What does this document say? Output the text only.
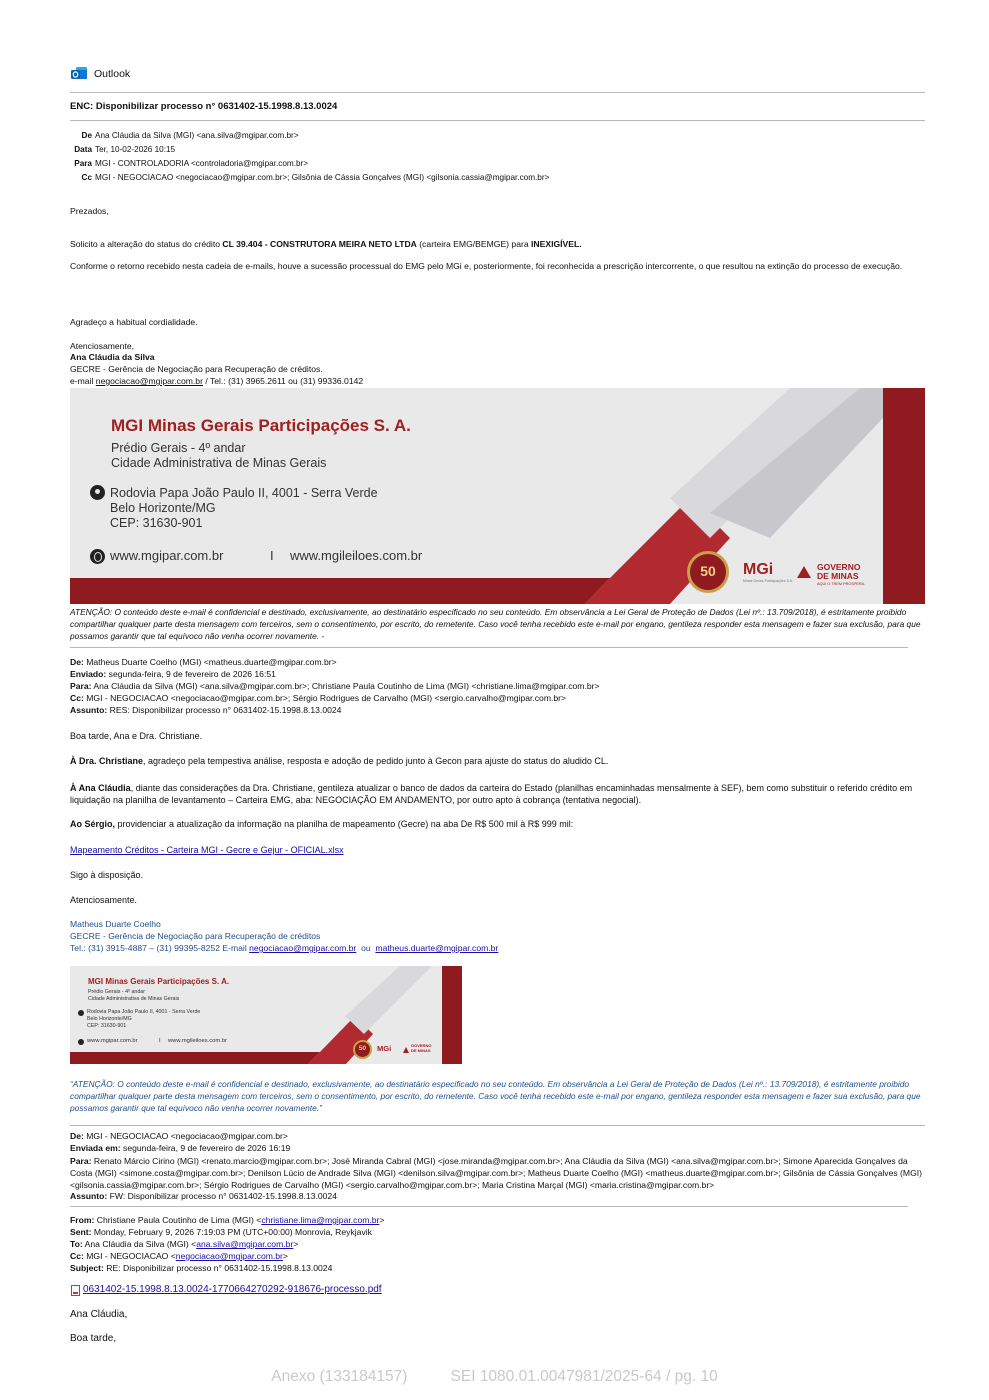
Outlook
ENC: Disponibilizar processo n° 0631402-15.1998.8.13.0024
De Ana Cláudia da Silva (MGI) <ana.silva@mgipar.com.br>
Data Ter, 10-02-2026 10:15
Para MGI - CONTROLADORIA <controladoria@mgipar.com.br>
Cc MGI - NEGOCIACAO <negociacao@mgipar.com.br>; Gilsônia de Cássia Gonçalves (MGI) <gilsonia.cassia@mgipar.com.br>
Prezados,
Solicito a alteração do status do crédito CL 39.404 - CONSTRUTORA MEIRA NETO LTDA (carteira EMG/BEMGE) para INEXIGÍVEL.
Conforme o retorno recebido nesta cadeia de e-mails, houve a sucessão processual do EMG pelo MGi e, posteriormente, foi reconhecida a prescrição intercorrente, o que resultou na extinção do processo de execução.
Agradeço a habitual cordialidade.
Atenciosamente,
Ana Cláudia da Silva
GECRE - Gerência de Negociação para Recuperação de créditos.
e-mail negociacao@mgipar.com.br / Tel.: (31) 3965.2611 ou (31) 99336.0142
MGI Minas Gerais Participações S. A.
Prédio Gerais - 4º andar
Cidade Administrativa de Minas Gerais
Rodovia Papa João Paulo II, 4001 - Serra Verde
Belo Horizonte/MG
CEP: 31630-901
www.mgipar.com.br	I www.mgileiloes.com.br
50	MGi
Minas Gerais Participações S.A.
GOVERNO
DE MINAS
AQUI O TREM PROSPERA.
ATENÇÃO: O conteúdo deste e-mail é confidencial e destinado, exclusivamente, ao destinatário especificado no seu conteúdo. Em observância a Lei Geral de Proteção de Dados (Lei nº.: 13.709/2018), é estritamente proibido compartilhar qualquer parte desta mensagem com terceiros, sem o consentimento, por escrito, do remetente. Caso você tenha recebido este e-mail por engano, gentileza responder esta mensagem e fazer sua exclusão, para que possamos garantir que tal equívoco não venha ocorrer novamente. -
De: Matheus Duarte Coelho (MGI) <matheus.duarte@mgipar.com.br>
Enviado: segunda-feira, 9 de fevereiro de 2026 16:51
Para: Ana Cláudia da Silva (MGI) <ana.silva@mgipar.com.br>; Christiane Paula Coutinho de Lima (MGI) <christiane.lima@mgipar.com.br>
Cc: MGI - NEGOCIACAO <negociacao@mgipar.com.br>; Sérgio Rodrigues de Carvalho (MGI) <sergio.carvalho@mgipar.com.br>
Assunto: RES: Disponibilizar processo n° 0631402-15.1998.8.13.0024
Boa tarde, Ana e Dra. Christiane.
À Dra. Christiane, agradeço pela tempestiva análise, resposta e adoção de pedido junto à Gecon para ajuste do status do aludido CL.
À Ana Cláudia, diante das considerações da Dra. Christiane, gentileza atualizar o banco de dados da carteira do Estado (planilhas encaminhadas mensalmente à SEF), bem como substituir o referido crédito em liquidação na planilha de levantamento – Carteira EMG, aba: NEGOCIAÇÃO EM ANDAMENTO, por outro apto à cobrança (tentativa negocial).
Ao Sérgio, providenciar a atualização da informação na planilha de mapeamento (Gecre) na aba De R$ 500 mil à R$ 999 mil:
Mapeamento Créditos - Carteira MGI - Gecre e Gejur - OFICIAL.xlsx
Sigo à disposição.
Atenciosamente.
Matheus Duarte Coelho
GECRE - Gerência de Negociação para Recuperação de créditos
Tel.: (31) 3915-4887 – (31) 99395-8252 E-mail negociacao@mgipar.com.br  ou  matheus.duarte@mgipar.com.br
MGI Minas Gerais Participações S. A.
Prédio Gerais - 4º andar
Cidade Administrativa de Minas Gerais
Rodovia Papa João Paulo II, 4001 - Serra Verde
Belo Horizonte/MG
CEP: 31630-901
www.mgipar.com.br	I www.mgileiloes.com.br
50	MGi	GOVERNO
DE MINAS
“ATENÇÃO: O conteúdo deste e-mail é confidencial e destinado, exclusivamente, ao destinatário especificado no seu conteúdo. Em observância a Lei Geral de Proteção de Dados (Lei nº.: 13.709/2018), é estritamente proibido compartilhar qualquer parte desta mensagem com terceiros, sem o consentimento, por escrito, do remetente. Caso você tenha recebido este e-mail por engano, gentileza responder esta mensagem e fazer sua exclusão, para que possamos garantir que tal equívoco não venha ocorrer novamente.”
De: MGI - NEGOCIACAO <negociacao@mgipar.com.br>
Enviada em: segunda-feira, 9 de fevereiro de 2026 16:19
Para: Renato Márcio Cirino (MGI) <renato.marcio@mgipar.com.br>; José Miranda Cabral (MGI) <jose.miranda@mgipar.com.br>; Ana Cláudia da Silva (MGI) <ana.silva@mgipar.com.br>; Simone Aparecida Gonçalves da Costa (MGI) <simone.costa@mgipar.com.br>; Denilson Lúcio de Andrade Silva (MGI) <denilson.silva@mgipar.com.br>; Matheus Duarte Coelho (MGI) <matheus.duarte@mgipar.com.br>; Gilsônia de Cássia Gonçalves (MGI) <gilsonia.cassia@mgipar.com.br>; Sérgio Rodrigues de Carvalho (MGI) <sergio.carvalho@mgipar.com.br>; Maria Cristina Marçal (MGI) <maria.cristina@mgipar.com.br>
Assunto: FW: Disponibilizar processo n° 0631402-15.1998.8.13.0024
From: Christiane Paula Coutinho de Lima (MGI) <christiane.lima@mgipar.com.br>
Sent: Monday, February 9, 2026 7:19:03 PM (UTC+00:00) Monrovia, Reykjavik
To: Ana Cláudia da Silva (MGI) <ana.silva@mgipar.com.br>
Cc: MGI - NEGOCIACAO <negociacao@mgipar.com.br>
Subject: RE: Disponibilizar processo n° 0631402-15.1998.8.13.0024
0631402-15.1998.8.13.0024-1770664270292-918676-processo.pdf
Ana Cláudia,
Boa tarde,
Anexo (133184157)          SEI 1080.01.0047981/2025-64 / pg. 10
